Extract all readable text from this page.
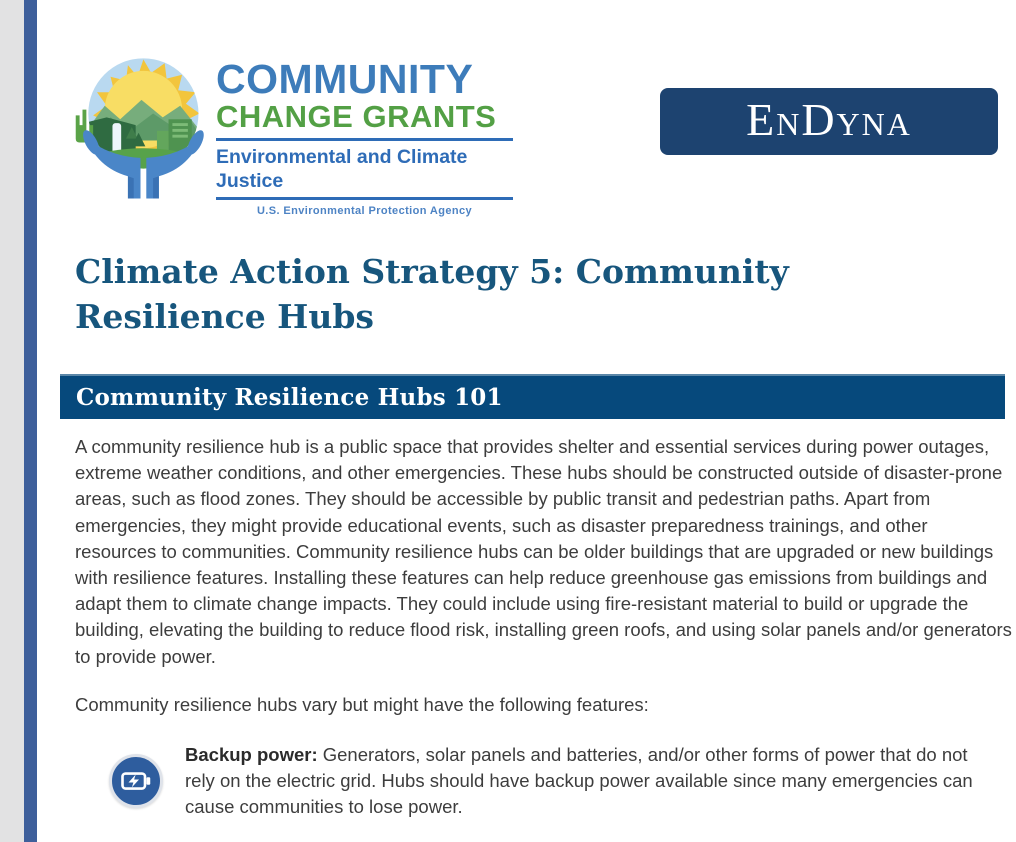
COMMUNITY
CHANGE GRANTS
Environmental and Climate Justice
U.S. Environmental Protection Agency
EnDyna
Climate Action Strategy 5: Community
Resilience Hubs
Community Resilience Hubs 101

A community resilience hub is a public space that provides shelter and essential services during power outages, extreme weather conditions, and other emergencies. These hubs should be constructed outside of disaster-prone areas, such as flood zones. They should be accessible by public transit and pedestrian paths. Apart from emergencies, they might provide educational events, such as disaster preparedness trainings, and other resources to communities. Community resilience hubs can be older buildings that are upgraded or new buildings with resilience features. Installing these features can help reduce greenhouse gas emissions from buildings and adapt them to climate change impacts. They could include using fire-resistant material to build or upgrade the building, elevating the building to reduce flood risk, installing green roofs, and using solar panels and/or generators to provide power.

Community resilience hubs vary but might have the following features:

Backup power: Generators, solar panels and batteries, and/or other forms of power that do not rely on the electric grid. Hubs should have backup power available since many emergencies can cause communities to lose power.
